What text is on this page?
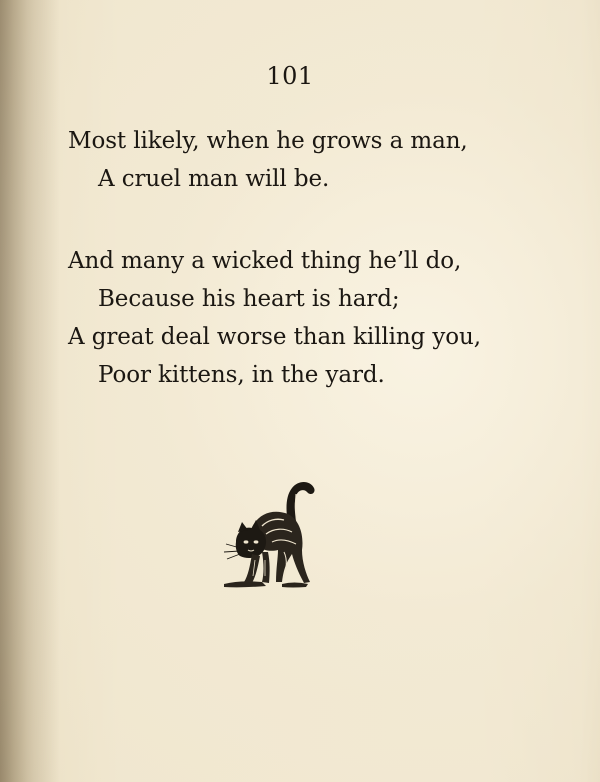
101
Most likely, when he grows a man,
A cruel man will be.
And many a wicked thing he’ll do,
Because his heart is hard;
A great deal worse than killing you,
Poor kittens, in the yard.
